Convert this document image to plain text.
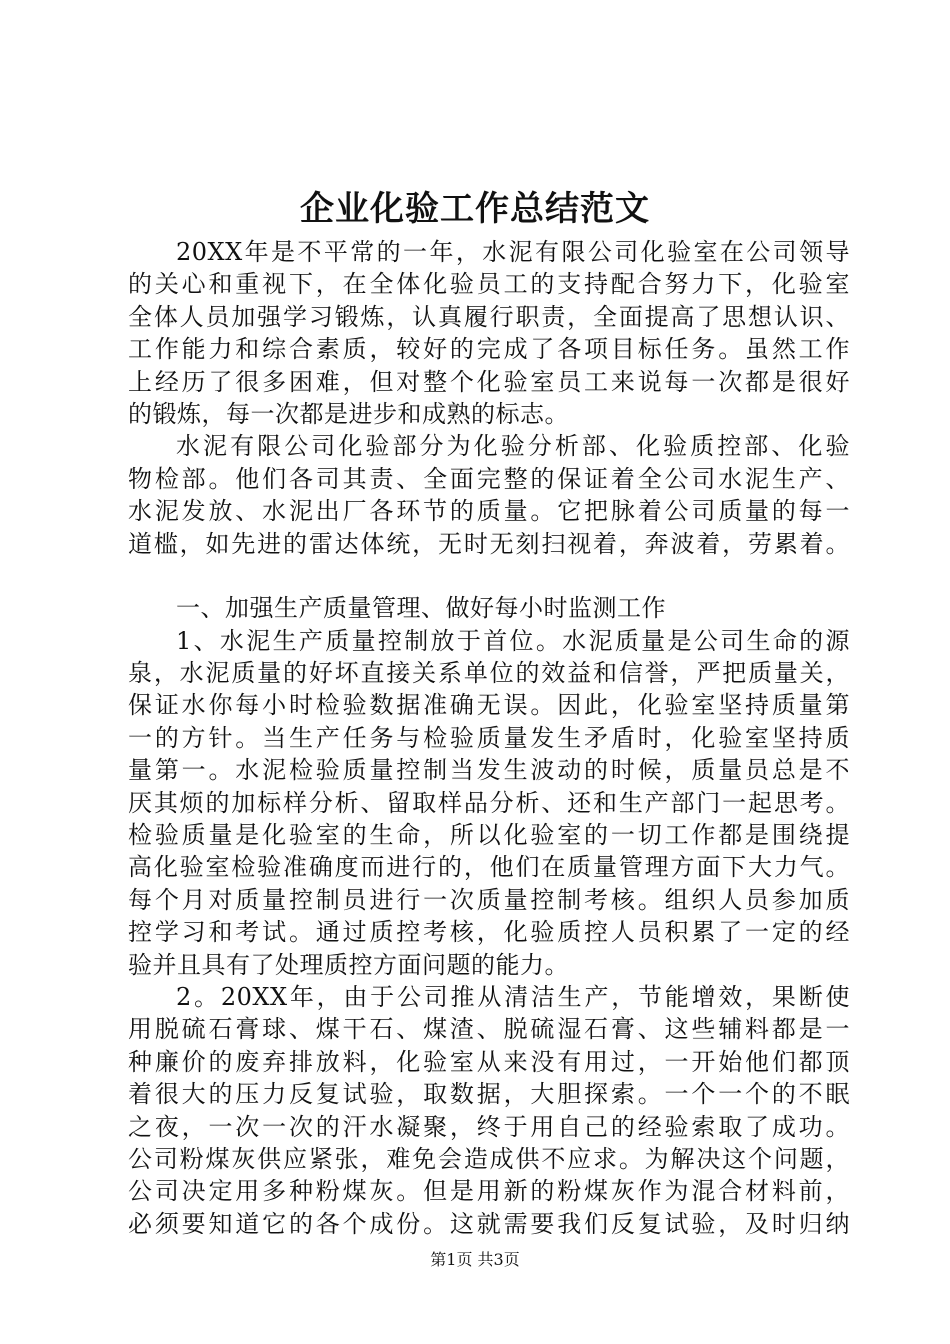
企业化验工作总结范文
20XX年是不平常的一年，水泥有限公司化验室在公司领导
的关心和重视下，在全体化验员工的支持配合努力下，化验室
全体人员加强学习锻炼，认真履行职责，全面提高了思想认识、
工作能力和综合素质，较好的完成了各项目标任务。虽然工作
上经历了很多困难，但对整个化验室员工来说每一次都是很好
的锻炼，每一次都是进步和成熟的标志。
水泥有限公司化验部分为化验分析部、化验质控部、化验
物检部。他们各司其责、全面完整的保证着全公司水泥生产、
水泥发放、水泥出厂各环节的质量。它把脉着公司质量的每一
道槛，如先进的雷达体统，无时无刻扫视着，奔波着，劳累着。
一、加强生产质量管理、做好每小时监测工作
1、水泥生产质量控制放于首位。水泥质量是公司生命的源
泉，水泥质量的好坏直接关系单位的效益和信誉，严把质量关，
保证水你每小时检验数据准确无误。因此，化验室坚持质量第
一的方针。当生产任务与检验质量发生矛盾时，化验室坚持质
量第一。水泥检验质量控制当发生波动的时候，质量员总是不
厌其烦的加标样分析、留取样品分析、还和生产部门一起思考。
检验质量是化验室的生命，所以化验室的一切工作都是围绕提
高化验室检验准确度而进行的，他们在质量管理方面下大力气。
每个月对质量控制员进行一次质量控制考核。组织人员参加质
控学习和考试。通过质控考核，化验质控人员积累了一定的经
验并且具有了处理质控方面问题的能力。
2。20XX年，由于公司推从清洁生产，节能增效，果断使
用脱硫石膏球、煤干石、煤渣、脱硫湿石膏、这些辅料都是一
种廉价的废弃排放料，化验室从来没有用过，一开始他们都顶
着很大的压力反复试验，取数据，大胆探索。一个一个的不眠
之夜，一次一次的汗水凝聚，终于用自己的经验索取了成功。
公司粉煤灰供应紧张，难免会造成供不应求。为解决这个问题，
公司决定用多种粉煤灰。但是用新的粉煤灰作为混合材料前，
必须要知道它的各个成份。这就需要我们反复试验，及时归纳
第1页 共3页
